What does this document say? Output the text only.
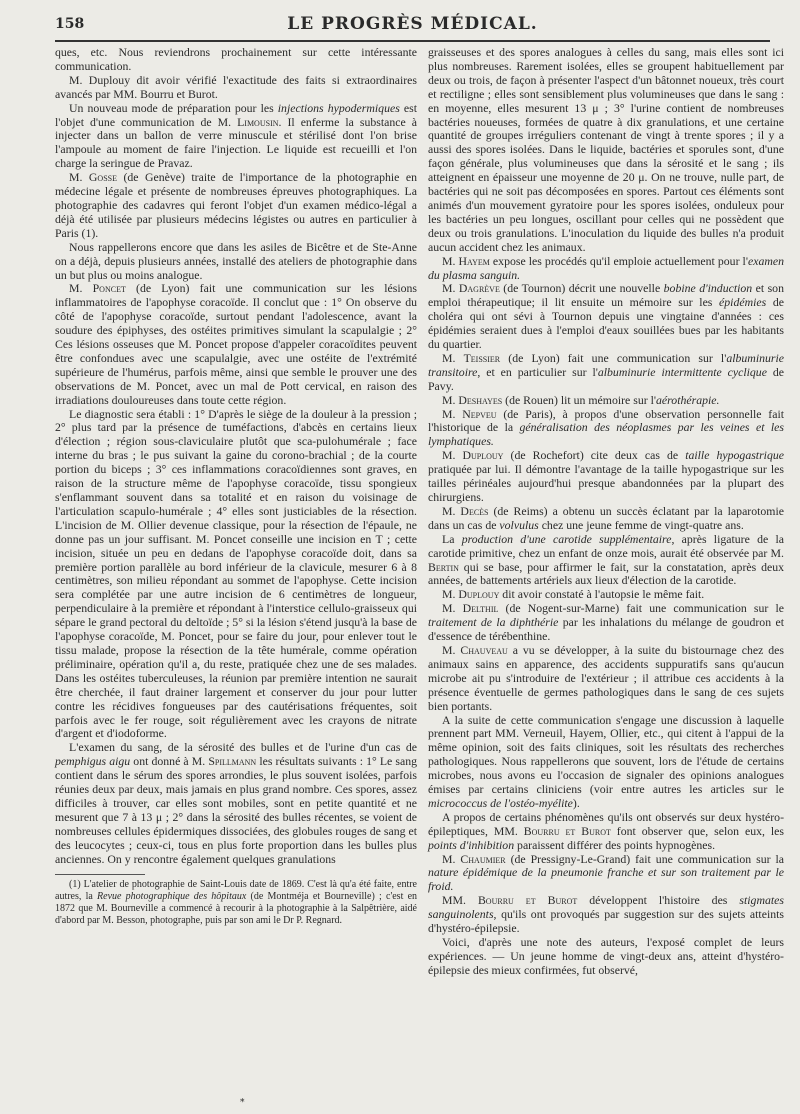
158	LE PROGRÈS MÉDICAL.

ques, etc. Nous reviendrons prochainement sur cette intéressante communication.

M. Duplouy dit avoir vérifié l'exactitude des faits si extraordinaires avancés par MM. Bourru et Burot.

Un nouveau mode de préparation pour les injections hypodermiques est l'objet d'une communication de M. Limousin. Il enferme la substance à injecter dans un ballon de verre minuscule et stérilisé dont l'on brise l'ampoule au moment de faire l'injection. Le liquide est recueilli et l'on charge la seringue de Pravaz.

M. Gosse (de Genève) traite de l'importance de la photographie en médecine légale et présente de nombreuses épreuves photographiques. La photographie des cadavres qui feront l'objet d'un examen médico-légal a déjà été utilisée par plusieurs médecins légistes ou autres en particulier à Paris (1).

Nous rappellerons encore que dans les asiles de Bicêtre et de Ste-Anne on a déjà, depuis plusieurs années, installé des ateliers de photographie dans un but plus ou moins analogue.

M. Poncet (de Lyon) fait une communication sur les lésions inflammatoires de l'apophyse coracoïde. Il conclut que : 1° On observe du côté de l'apophyse coracoïde, surtout pendant l'adolescence, avant la soudure des épiphyses, des ostéites primitives simulant la scapulalgie ; 2° Ces lésions osseuses que M. Poncet propose d'appeler coracoïdites peuvent être confondues avec une scapulalgie, avec une ostéite de l'extrémité supérieure de l'humérus, parfois même, ainsi que semble le prouver une des observations de M. Poncet, avec un mal de Pott cervical, en raison des irradiations douloureuses dans toute cette région.

Le diagnostic sera établi : 1° D'après le siège de la douleur à la pression ; 2° plus tard par la présence de tuméfactions, d'abcès en certains lieux d'élection ; région sous-claviculaire plutôt que sca-pulohumérale ; face interne du bras ; le pus suivant la gaine du corono-brachial ; de la courte portion du biceps ; 3° ces inflammations coracoïdiennes sont graves, en raison de la structure même de l'apophyse coracoïde, tissu spongieux s'enflammant souvent dans sa totalité et en raison du voisinage de l'articulation scapulo-humérale ; 4° elles sont justiciables de la résection. L'incision de M. Ollier devenue classique, pour la résection de l'épaule, ne donne pas un jour suffisant. M. Poncet conseille une incision en T ; cette incision, située un peu en dedans de l'apophyse coracoïde doit, dans sa première portion parallèle au bord inférieur de la clavicule, mesurer 6 à 8 centimètres, son milieu répondant au sommet de l'apophyse. Cette incision sera complétée par une autre incision de 6 centimètres de longueur, perpendiculaire à la première et répondant à l'interstice cellulo-graisseux qui sépare le grand pectoral du deltoïde ; 5° si la lésion s'étend jusqu'à la base de l'apophyse coracoïde, M. Poncet, pour se faire du jour, pour enlever tout le tissu malade, propose la résection de la tête humérale, comme opération préliminaire, opération qu'il a, du reste, pratiquée chez une de ses malades. Dans les ostéites tuberculeuses, la réunion par première intention ne saurait être cherchée, il faut drainer largement et conserver du jour pour lutter contre les récidives fongueuses par des cautérisations fréquentes, soit parfois avec le fer rouge, soit régulièrement avec les crayons de nitrate d'argent et d'iodoforme.

L'examen du sang, de la sérosité des bulles et de l'urine d'un cas de pemphigus aigu ont donné à M. Spillmann les résultats suivants : 1° Le sang contient dans le sérum des spores arrondies, le plus souvent isolées, parfois réunies deux par deux, mais jamais en plus grand nombre. Ces spores, assez difficiles à trouver, car elles sont mobiles, sont en petite quantité et ne mesurent que 7 à 13 μ ; 2° dans la sérosité des bulles récentes, se voient de nombreuses cellules épidermiques dissociées, des globules rouges de sang et des leucocytes ; ceux-ci, tous en plus forte proportion dans les bulles plus anciennes. On y rencontre également quelques granulations

(1) L'atelier de photographie de Saint-Louis date de 1869. C'est là qu'a été faite, entre autres, la Revue photographique des hôpitaux (de Montméja et Bourneville) ; c'est en 1872 que M. Bourneville a commencé à recourir à la photographie à la Salpêtrière, aidé d'abord par M. Besson, photographe, puis par son ami le Dr P. Regnard.

graisseuses et des spores analogues à celles du sang, mais elles sont ici plus nombreuses. Rarement isolées, elles se groupent habituellement par deux ou trois, de façon à présenter l'aspect d'un bâtonnet noueux, très court et rectiligne ; elles sont sensiblement plus volumineuses que dans le sang : en moyenne, elles mesurent 13 μ ; 3° l'urine contient de nombreuses bactéries noueuses, formées de quatre à dix granulations, et une certaine quantité de groupes irréguliers contenant de vingt à trente spores ; il y a aussi des spores isolées. Dans le liquide, bactéries et sporules sont, d'une façon générale, plus volumineuses que dans la sérosité et le sang ; ils atteignent en épaisseur une moyenne de 20 μ. On ne trouve, nulle part, de bactéries qui ne soit pas décomposées en spores. Partout ces éléments sont animés d'un mouvement gyratoire pour les spores isolées, onduleux pour les bactéries un peu longues, oscillant pour celles qui ne possèdent que deux ou trois granulations. L'inoculation du liquide des bulles n'a produit aucun accident chez les animaux.

M. Hayem expose les procédés qu'il emploie actuellement pour l'examen du plasma sanguin.

M. Dagrève (de Tournon) décrit une nouvelle bobine d'induction et son emploi thérapeutique; il lit ensuite un mémoire sur les épidémies de choléra qui ont sévi à Tournon depuis une vingtaine d'années : ces épidémies seraient dues à l'emploi d'eaux souillées bues par les habitants du quartier.

M. Teissier (de Lyon) fait une communication sur l'albuminurie transitoire, et en particulier sur l'albuminurie intermittente cyclique de Pavy.

M. Deshayes (de Rouen) lit un mémoire sur l'aérothérapie.

M. Nepveu (de Paris), à propos d'une observation personnelle fait l'historique de la généralisation des néoplasmes par les veines et les lymphatiques.

M. Duplouy (de Rochefort) cite deux cas de taille hypogastrique pratiquée par lui. Il démontre l'avantage de la taille hypogastrique sur les tailles périnéales aujourd'hui presque abandonnées par la plupart des chirurgiens.

M. Decès (de Reims) a obtenu un succès éclatant par la laparotomie dans un cas de volvulus chez une jeune femme de vingt-quatre ans.

La production d'une carotide supplémentaire, après ligature de la carotide primitive, chez un enfant de onze mois, aurait été observée par M. Bertin qui se base, pour affirmer le fait, sur la constatation, après deux années, de battements artériels aux lieux d'élection de la carotide.

M. Duplouy dit avoir constaté à l'autopsie le même fait.

M. Delthil (de Nogent-sur-Marne) fait une communication sur le traitement de la diphthérie par les inhalations du mélange de goudron et d'essence de térébenthine.

M. Chauveau a vu se développer, à la suite du bistournage chez des animaux sains en apparence, des accidents suppuratifs sans qu'aucun microbe ait pu s'introduire de l'extérieur ; il attribue ces accidents à la présence éventuelle de germes pathologiques dans le sang de ces sujets bien portants.

A la suite de cette communication s'engage une discussion à laquelle prennent part MM. Verneuil, Hayem, Ollier, etc., qui citent à l'appui de la même opinion, soit des faits cliniques, soit les résultats des recherches pathologiques. Nous rappellerons que souvent, lors de l'étude de certains microbes, nous avons eu l'occasion de signaler des opinions analogues émises par certains cliniciens (voir entre autres les articles sur le micrococcus de l'ostéo-myélite).

A propos de certains phénomènes qu'ils ont observés sur deux hystéro-épileptiques, MM. Bourru et Burot font observer que, selon eux, les points d'inhibition paraissent différer des points hypnogènes.

M. Chaumier (de Pressigny-Le-Grand) fait une communication sur la nature épidémique de la pneumonie franche et sur son traitement par le froid.

MM. Bourru et Burot développent l'histoire des stigmates sanguinolents, qu'ils ont provoqués par suggestion sur des sujets atteints d'hystéro-épilepsie.

Voici, d'après une note des auteurs, l'exposé complet de leurs expériences. — Un jeune homme de vingt-deux ans, atteint d'hystéro-épilepsie des mieux confirmées, fut observé,

*
